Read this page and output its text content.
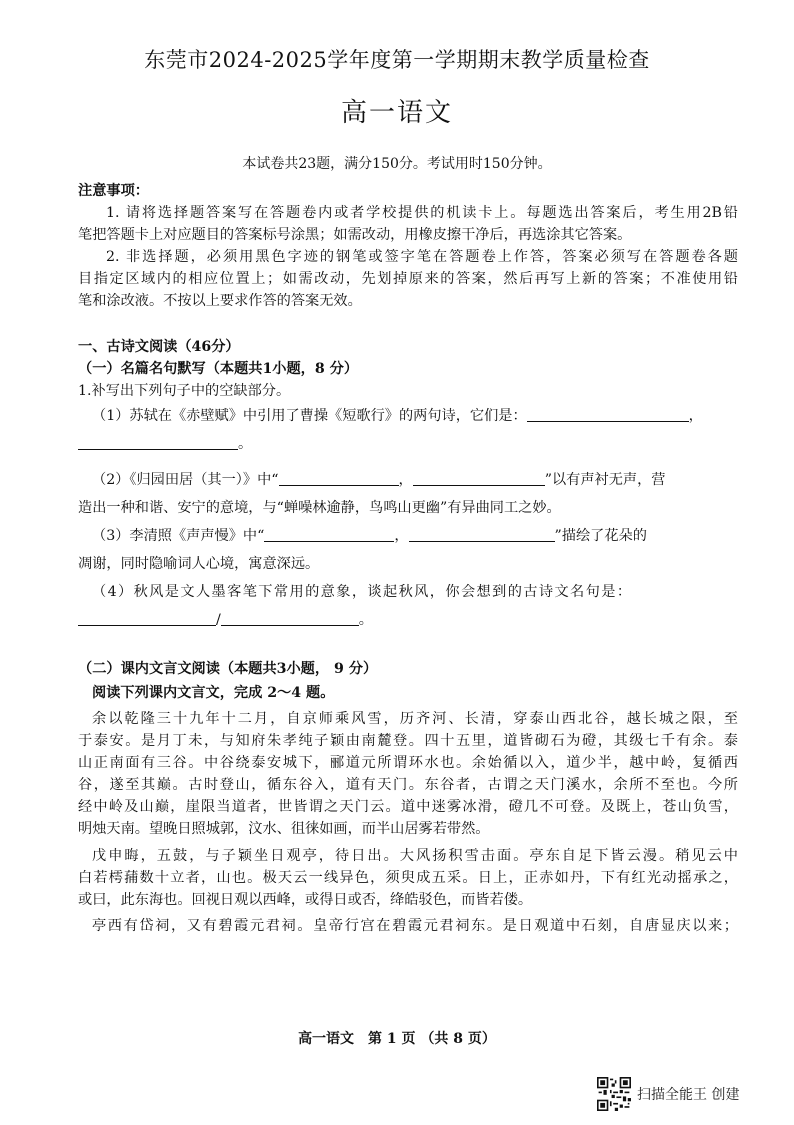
东莞市2024-2025学年度第一学期期末教学质量检查
高一语文
本试卷共23题，满分150分。考试用时150分钟。
注意事项：
1. 请将选择题答案写在答题卷内或者学校提供的机读卡上。每题选出答案后，考生用2B铅
笔把答题卡上对应题目的答案标号涂黑；如需改动，用橡皮擦干净后，再选涂其它答案。
2. 非选择题，必须用黑色字迹的钢笔或签字笔在答题卷上作答，答案必须写在答题卷各题
目指定区域内的相应位置上；如需改动，先划掉原来的答案，然后再写上新的答案；不准使用铅
笔和涂改液。不按以上要求作答的答案无效。
一、古诗文阅读（46分）
（一）名篇名句默写（本题共1小题，8 分）
1.补写出下列句子中的空缺部分。
（1）苏轼在《赤壁赋》中引用了曹操《短歌行》的两句诗，它们是：	，
。
（2）《归园田居（其一）》中“	，	”以有声衬无声，营
造出一种和谐、安宁的意境，与“蝉噪林逾静，鸟鸣山更幽”有异曲同工之妙。
（3）李清照《声声慢》中“	，	”描绘了花朵的
凋谢，同时隐喻词人心境，寓意深远。
（4）秋风是文人墨客笔下常用的意象，谈起秋风，你会想到的古诗文名句是：
/	。
（二）课内文言文阅读（本题共3小题， 9 分）
阅读下列课内文言文，完成 2～4 题。
余以乾隆三十九年十二月，自京师乘风雪，历齐河、长清，穿泰山西北谷，越长城之限，至
于泰安。是月丁未，与知府朱孝纯子颖由南麓登。四十五里，道皆砌石为磴，其级七千有余。泰
山正南面有三谷。中谷绕泰安城下，郦道元所谓环水也。余始循以入，道少半，越中岭，复循西
谷，遂至其巅。古时登山，循东谷入，道有天门。东谷者，古谓之天门溪水，余所不至也。今所
经中岭及山巅，崖限当道者，世皆谓之天门云。道中迷雾冰滑，磴几不可登。及既上，苍山负雪，
明烛天南。望晚日照城郭，汶水、徂徕如画，而半山居雾若带然。
戊申晦，五鼓，与子颖坐日观亭，待日出。大风扬积雪击面。亭东自足下皆云漫。稍见云中
白若樗蒱数十立者，山也。极天云一线异色，须臾成五采。日上，正赤如丹，下有红光动摇承之，
或曰，此东海也。回视日观以西峰，或得日或否，绛皓驳色，而皆若偻。
亭西有岱祠，又有碧霞元君祠。皇帝行宫在碧霞元君祠东。是日观道中石刻，自唐显庆以来；
高一语文　第 1 页 （共 8 页）
扫描全能王 创建
